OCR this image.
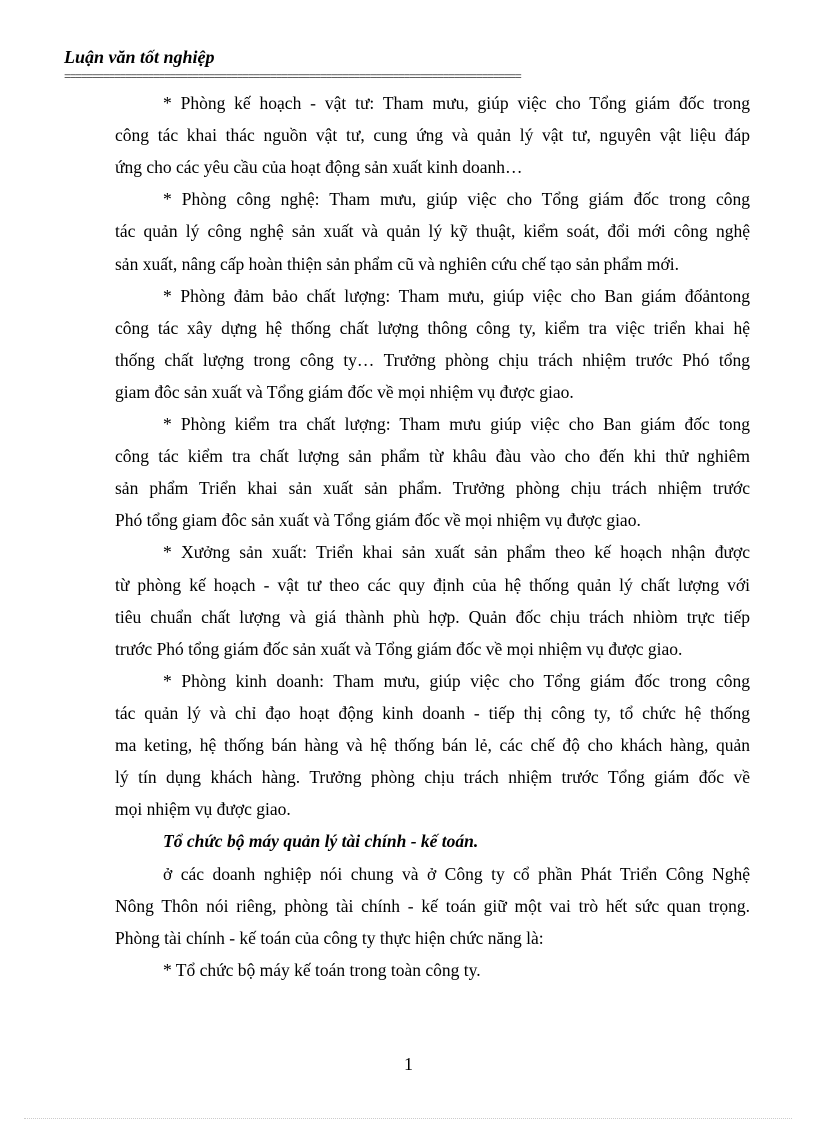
Luận văn tốt nghiệp
==================================================================================
* Phòng kế hoạch - vật tư: Tham mưu, giúp việc cho Tổng giám đốc trong
công tác khai thác nguồn vật tư, cung ứng và quản lý vật tư, nguyên vật liệu đáp
ứng cho các yêu cầu của hoạt động sản xuất kinh doanh…
* Phòng công nghệ: Tham mưu, giúp việc cho Tổng giám đốc trong công
tác quản lý công nghệ sản xuất và quản lý kỹ thuật, kiểm soát, đổi mới công nghệ
sản xuất, nâng cấp hoàn thiện sản phẩm cũ và nghiên cứu chế tạo sản phẩm mới.
* Phòng đảm bảo chất lượng: Tham mưu, giúp việc cho Ban giám đốảntong
công tác xây dựng hệ thống chất lượng thông công ty, kiểm tra việc triển khai hệ
thống chất lượng trong công ty… Trưởng phòng chịu trách nhiệm trước Phó tổng
giam đôc sản xuất và Tổng giám đốc về mọi nhiệm vụ được giao.
* Phòng kiểm tra chất lượng: Tham mưu giúp việc cho Ban giám đốc tong
công tác kiểm tra chất lượng sản phẩm từ khâu đàu vào cho đến khi thử nghiêm
sản phẩm Triển khai sản xuất sản phẩm. Trưởng phòng chịu trách nhiệm trước
Phó tổng giam đôc sản xuất và Tổng giám đốc về mọi nhiệm vụ được giao.
* Xưởng sản xuất: Triển khai sản xuất sản phẩm theo kế hoạch nhận được
từ phòng kế hoạch - vật tư theo các quy định của hệ thống quản lý chất lượng với
tiêu chuẩn chất lượng và giá thành phù hợp. Quản đốc chịu trách nhiòm trực tiếp
trước Phó tổng giám đốc sản xuất và Tổng giám đốc về mọi nhiệm vụ được giao.
* Phòng kinh doanh: Tham mưu, giúp việc cho Tổng giám đốc trong công
tác quản lý và chỉ đạo hoạt động kinh doanh - tiếp thị công ty, tổ chức hệ thống
ma keting, hệ thống bán hàng và hệ thống bán lẻ, các chế độ cho khách hàng, quản
lý tín dụng khách hàng. Trưởng phòng chịu trách nhiệm trước Tổng giám đốc về
mọi nhiệm vụ được giao.
Tổ chức bộ máy quản lý tài chính - kế toán.
ở các doanh nghiệp nói chung và ở Công ty cổ phần Phát Triển Công Nghệ
Nông Thôn nói riêng, phòng tài chính - kế toán giữ một vai trò hết sức quan trọng.
Phòng tài chính - kế toán của công ty thực hiện chức năng là:
* Tổ chức bộ máy kế toán trong toàn công ty.
1
